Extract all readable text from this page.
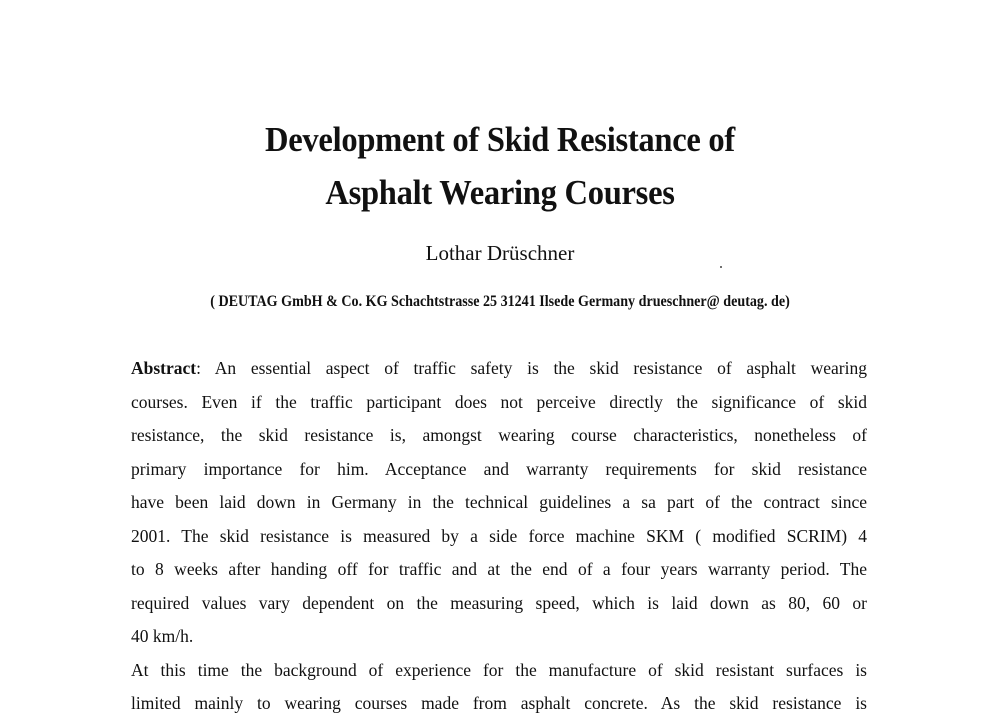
Development of Skid Resistance of
Asphalt Wearing Courses
Lothar Drüschner
( DEUTAG GmbH & Co. KG Schachtstrasse 25 31241 Ilsede Germany drueschner@ deutag. de)
Abstract: An essential aspect of traffic safety is the skid resistance of asphalt wearing
courses. Even if the traffic participant does not perceive directly the significance of skid
resistance, the skid resistance is, amongst wearing course characteristics, nonetheless of
primary importance for him. Acceptance and warranty requirements for skid resistance
have been laid down in Germany in the technical guidelines a sa part of the contract since
2001. The skid resistance is measured by a side force machine SKM ( modified SCRIM) 4
to 8 weeks after handing off for traffic and at the end of a four years warranty period. The
required values vary dependent on the measuring speed, which is laid down as 80, 60 or
40 km/h.
At this time the background of experience for the manufacture of skid resistant surfaces is
limited mainly to wearing courses made from asphalt concrete. As the skid resistance is
